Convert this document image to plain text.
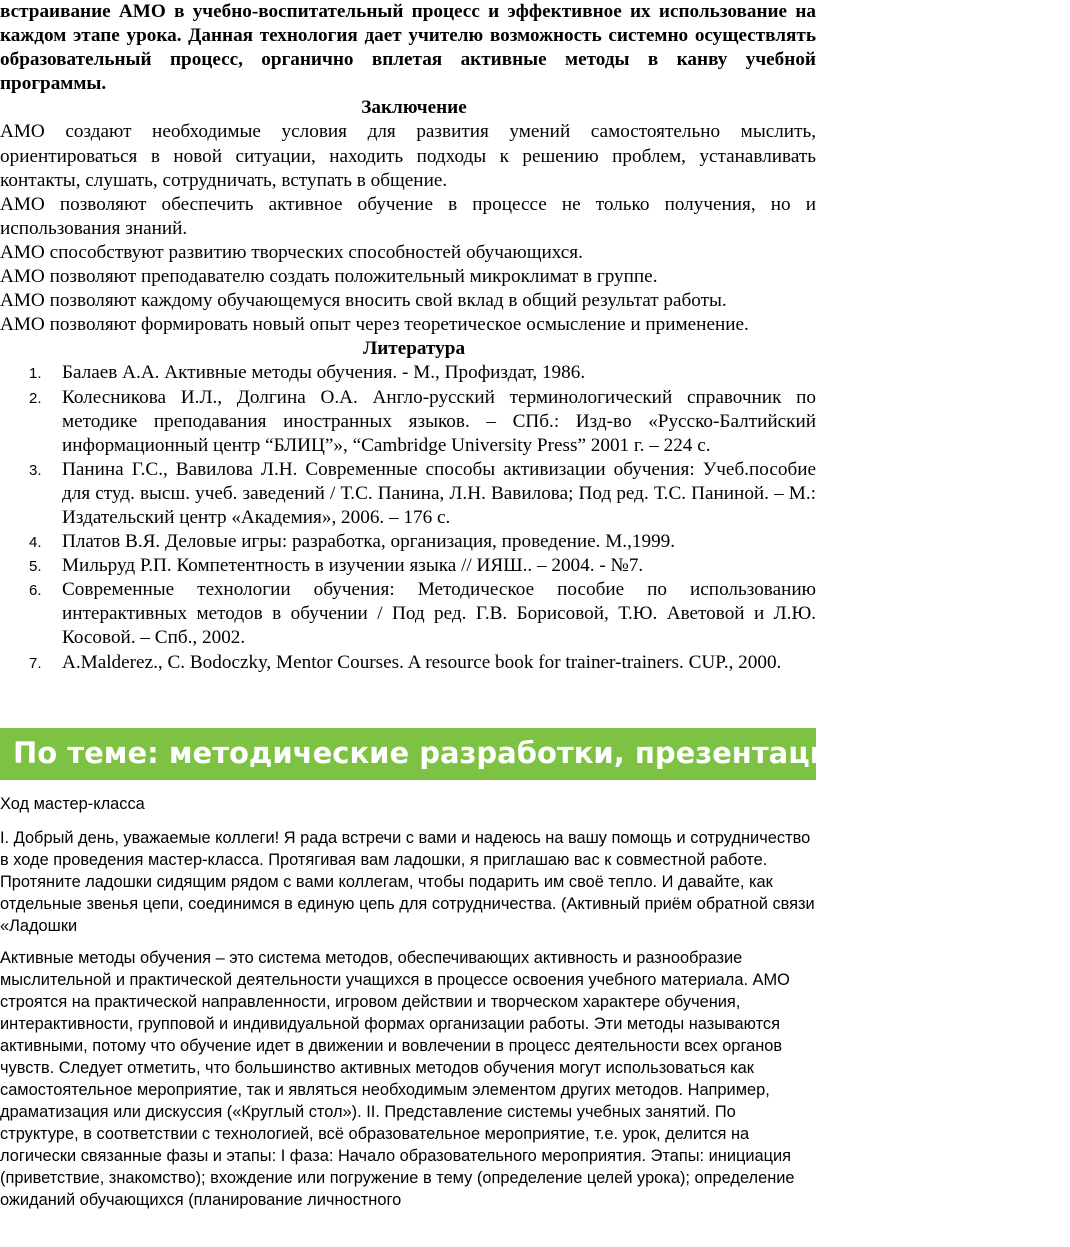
встраивание АМО в учебно-воспитательный процесс и эффективное их использование на каждом этапе урока. Данная технология дает учителю возможность системно осуществлять образовательный процесс, органично вплетая активные методы в канву учебной программы.

Заключение

АМО создают необходимые условия для развития умений самостоятельно мыслить, ориентироваться в новой ситуации, находить подходы к решению проблем, устанавливать контакты, слушать, сотрудничать, вступать в общение.

АМО позволяют обеспечить активное обучение в процессе не только получения, но и использования знаний.

АМО способствуют развитию творческих способностей обучающихся.

АМО позволяют преподавателю создать положительный микроклимат в группе.

АМО позволяют каждому обучающемуся вносить свой вклад в общий результат работы.

АМО позволяют формировать новый опыт через теоретическое осмысление и применение.

Литература

1. Балаев А.А. Активные методы обучения. - М., Профиздат, 1986.
2. Колесникова И.Л., Долгина О.А. Англо-русский терминологический справочник по методике преподавания иностранных языков. – СПб.: Изд-во «Русско-Балтийский информационный центр “БЛИЦ”», “Cambridge University Press” 2001 г. – 224 с.
3. Панина Г.С., Вавилова Л.Н. Современные способы активизации обучения: Учеб.пособие для студ. высш. учеб. заведений / Т.С. Панина, Л.Н. Вавилова; Под ред. Т.С. Паниной. – М.: Издательский центр «Академия», 2006. – 176 с.
4. Платов В.Я. Деловые игры: разработка, организация, проведение. М.,1999.
5. Мильруд Р.П. Компетентность в изучении языка // ИЯШ.. – 2004. - №7.
6. Современные технологии обучения: Методическое пособие по использованию интерактивных методов в обучении / Под ред. Г.В. Борисовой, Т.Ю. Аветовой и Л.Ю. Косовой. – Спб., 2002.
7. A.Malderez., C. Bodoczky, Mentor Courses. A resource book for trainer-trainers. CUP., 2000.
По теме: методические разработки, презентации и конспекты

Ход мастер-класса

I. Добрый день, уважаемые коллеги! Я рада встречи с вами и надеюсь на вашу помощь и сотрудничество в ходе проведения мастер-класса. Протягивая вам ладошки, я приглашаю вас к совместной работе. Протяните ладошки сидящим рядом с вами коллегам, чтобы подарить им своё тепло. И давайте, как отдельные звенья цепи, соединимся в единую цепь для сотрудничества. (Активный приём обратной связи «Ладошки

Активные методы обучения – это система методов, обеспечивающих активность и разнообразие мыслительной и практической деятельности учащихся в процессе освоения учебного материала. АМО строятся на практической направленности, игровом действии и творческом характере обучения, интерактивности, групповой и индивидуальной формах организации работы. Эти методы называются активными, потому что обучение идет в движении и вовлечении в процесс деятельности всех органов чувств. Следует отметить, что большинство активных методов обучения могут использоваться как самостоятельное мероприятие, так и являться необходимым элементом других методов. Например, драматизация или дискуссия («Круглый стол»). II. Представление системы учебных занятий. По структуре, в соответствии с технологией, всё образовательное мероприятие, т.е. урок, делится на логически связанные фазы и этапы: I фаза: Начало образовательного мероприятия. Этапы: инициация (приветствие, знакомство); вхождение или погружение в тему (определение целей урока); определение ожиданий обучающихся (планирование личностного
